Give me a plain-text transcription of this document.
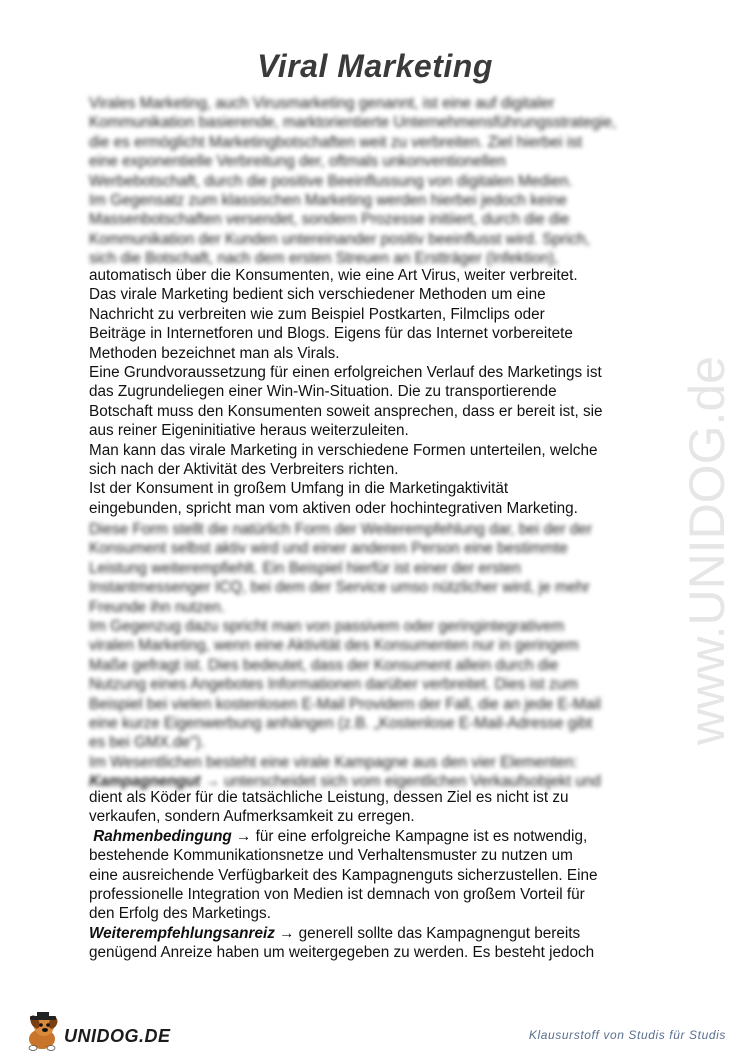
Viral Marketing
Virales Marketing, auch Virusmarketing genannt, ist eine auf digitaler
Kommunikation basierende, marktorientierte Unternehmensführungsstrategie,
die es ermöglicht Marketingbotschaften weit zu verbreiten. Ziel hierbei ist
eine exponentielle Verbreitung der, oftmals unkonventionellen
Werbebotschaft, durch die positive Beeinflussung von digitalen Medien.
Im Gegensatz zum klassischen Marketing werden hierbei jedoch keine
Massenbotschaften versendet, sondern Prozesse initiiert, durch die die
Kommunikation der Kunden untereinander positiv beeinflusst wird. Sprich,
sich die Botschaft, nach dem ersten Streuen an Erstträger (Infektion),
automatisch über die Konsumenten, wie eine Art Virus, weiter verbreitet.
Das virale Marketing bedient sich verschiedener Methoden um eine
Nachricht zu verbreiten wie zum Beispiel Postkarten, Filmclips oder
Beiträge in Internetforen und Blogs. Eigens für das Internet vorbereitete
Methoden bezeichnet man als Virals.
Eine Grundvoraussetzung für einen erfolgreichen Verlauf des Marketings ist
das Zugrundeliegen einer Win-Win-Situation. Die zu transportierende
Botschaft muss den Konsumenten soweit ansprechen, dass er bereit ist, sie
aus reiner Eigeninitiative heraus weiterzuleiten.
Man kann das virale Marketing in verschiedene Formen unterteilen, welche
sich nach der Aktivität des Verbreiters richten.
Ist der Konsument in großem Umfang in die Marketingaktivität
eingebunden, spricht man vom aktiven oder hochintegrativen Marketing.
Diese Form stellt die natürlich Form der Weiterempfehlung dar, bei der der
Konsument selbst aktiv wird und einer anderen Person eine bestimmte
Leistung weiterempfiehlt. Ein Beispiel hierfür ist einer der ersten
Instantmessenger ICQ, bei dem der Service umso nützlicher wird, je mehr
Freunde ihn nutzen.
Im Gegenzug dazu spricht man von passivem oder geringintegrativem
viralen Marketing, wenn eine Aktivität des Konsumenten nur in geringem
Maße gefragt ist. Dies bedeutet, dass der Konsument allein durch die
Nutzung eines Angebotes Informationen darüber verbreitet. Dies ist zum
Beispiel bei vielen kostenlosen E-Mail Providern der Fall, die an jede E-Mail
eine kurze Eigenwerbung anhängen (z.B. „Kostenlose E-Mail-Adresse gibt
es bei GMX.de").
Im Wesentlichen besteht eine virale Kampagne aus den vier Elementen:
Kampagnengut → unterscheidet sich vom eigentlichen Verkaufsobjekt und
dient als Köder für die tatsächliche Leistung, dessen Ziel es nicht ist zu
verkaufen, sondern Aufmerksamkeit zu erregen.
Rahmenbedingung → für eine erfolgreiche Kampagne ist es notwendig,
bestehende Kommunikationsnetze und Verhaltensmuster zu nutzen um
eine ausreichende Verfügbarkeit des Kampagnenguts sicherzustellen. Eine
professionelle Integration von Medien ist demnach von großem Vorteil für
den Erfolg des Marketings.
Weiterempfehlungsanreiz → generell sollte das Kampagnengut bereits
genügend Anreize haben um weitergegeben zu werden. Es besteht jedoch
www.UNIDOG.de
UNIDOG.DE	Klausurstoff von Studis für Studis
